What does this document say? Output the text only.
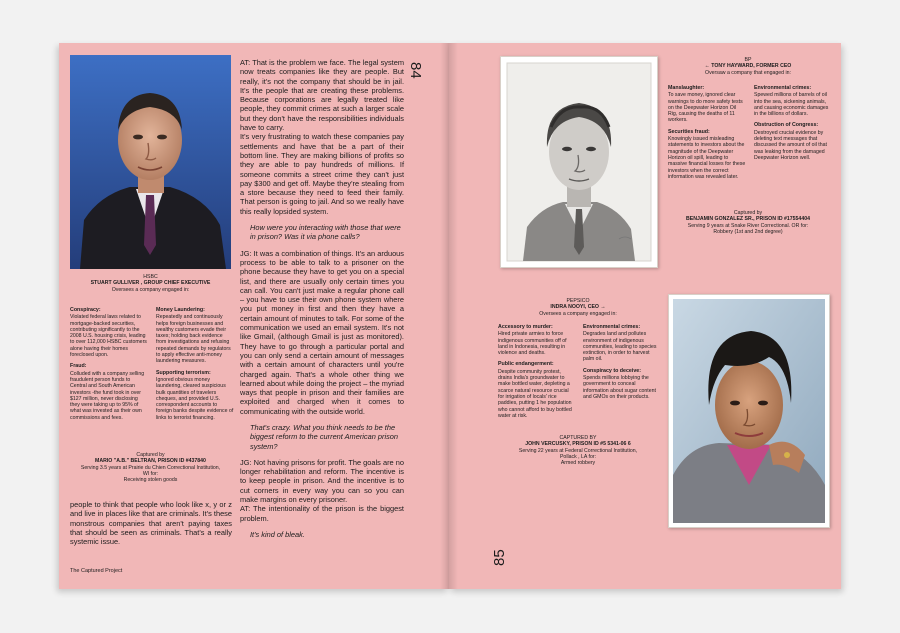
HSBC
STUART GULLIVER , GROUP CHIEF EXECUTIVE
Oversees a company engaged in:
Conspiracy:
Violated federal laws related to mortgage-backed securities, contributing significantly to the 2008 U.S. housing crisis, leading to over 112,000 HSBC customers alone having their homes foreclosed upon.
Fraud:
Colluded with a company selling fraudulent person funds to Central and South American investors -the fund took in over $127 million, never disclosing they were taking up to 95% of what was invested as their own commissions and fees.
Money Laundering:
Repeatedly and continuously helps foreign businesses and wealthy customers evade their taxes; holding back evidence from investigations and refusing repeated demands by regulators to apply effective anti-money laundering measures.
Supporting terrorism:
Ignored obvious money laundering, cleared suspicious bulk quantities of travelers cheques, and provided U.S. correspondent accounts to foreign banks despite evidence of links to terrorist financing.
Captured by
MARIO "A.B." BELTRAN, PRISON ID #437840
Serving 3.5 years at Prairie du Chien Correctional Institution,
WI for:
Receiving stolen goods

AT: That is the problem we face. The legal system now treats companies like they are people. But really, it's not the company that should be in jail. It's the people that are creating these problems. Because corporations are legally treated like people, they commit crimes at such a larger scale but they don't have the responsibilities individuals have to carry.

It's very frustrating to watch these companies pay settlements and have that be a part of their bottom line. They are making billions of profits so they are able to pay hundreds of millions. If someone commits a street crime they can't just pay $300 and get off. Maybe they're stealing from a store because they need to feed their family. That person is going to jail. And so we really have this really lopsided system.

How were you interacting with those that were in prison? Was it via phone calls?

JG: It was a combination of things. It's an arduous process to be able to talk to a prisoner on the phone because they have to get you on a special list, and there are usually only certain times you can call. You can't just make a regular phone call – you have to use their own phone system where you put money in first and then they have a certain amount of minutes to talk. For some of the communication we used an email system. It's not like Gmail, (although Gmail is just as monitored). They have to go through a particular portal and you can only send a certain amount of messages with a certain amount of characters until you're charged again. That's a whole other thing we learned about while doing the project – the myriad ways that people in prison and their families are exploited and charged when it comes to communicating with the outside world.

That's crazy. What you think needs to be the biggest reform to the current American prison system?

JG: Not having prisons for profit. The goals are no longer rehabilitation and reform. The incentive is to keep people in prison. And the incentive is to cut corners in every way you can so you can make margins on every prisoner.

AT: The intentionality of the prison is the biggest problem.

It's kind of bleak.

people to think that people who look like x, y or z and live in places like that are criminals. It's these monstrous companies that aren't paying taxes that should be seen as criminals. That's a really systemic issue.

84
The Captured Project
BP
← TONY HAYWARD, FORMER CEO
Oversaw a company that engaged in:
Manslaughter:
To save money, ignored clear warnings to do more safety tests on the Deepwater Horizon Oil Rig, causing the deaths of 11 workers.
Securities fraud:
Knowingly issued misleading statements to investors about the magnitude of the Deepwater Horizon oil spill, leading to massive financial losses for these investors when the correct information was revealed later.
Environmental crimes:
Spewed millions of barrels of oil into the sea, sickening animals, and causing economic damages in the billions of dollars.
Obstruction of Congress:
Destroyed crucial evidence by deleting text messages that discussed the amount of oil that was leaking from the damaged Deepwater Horizon well.
Captured by
BENJAMIN GONZALEZ SR., PRISON ID #17554404
Serving 9 years at Snake River Correctional. OR for:
Robbery (1st and 2nd degree)
PEPSICO
INDRA NOOYI, CEO →
Oversees a company engaged in:
Accessory to murder:
Hired private armies to force indigenous communities off of land in Indonesia, resulting in violence and deaths.
Public endangerment:
Despite community protest, drains India's groundwater to make bottled water, depleting a scarce natural resource crucial for irrigation of locals' rice paddies, putting 1 he population who cannot afford to buy bottled water at risk.
Environmental crimes:
Degrades land and pollutes environment of indigenous communities, leading to species extinction, in order to harvest palm oil.
Conspiracy to deceive:
Spends millions lobbying the government to conceal information about sugar content and GMOs on their products.
CAPTURED BY
JOHN VERCUSKY, PRISON ID #5 5341-06 6
Serving 22 years at Federal Correctional Institution,
Pollack , LA for:
Armed robbery
85
